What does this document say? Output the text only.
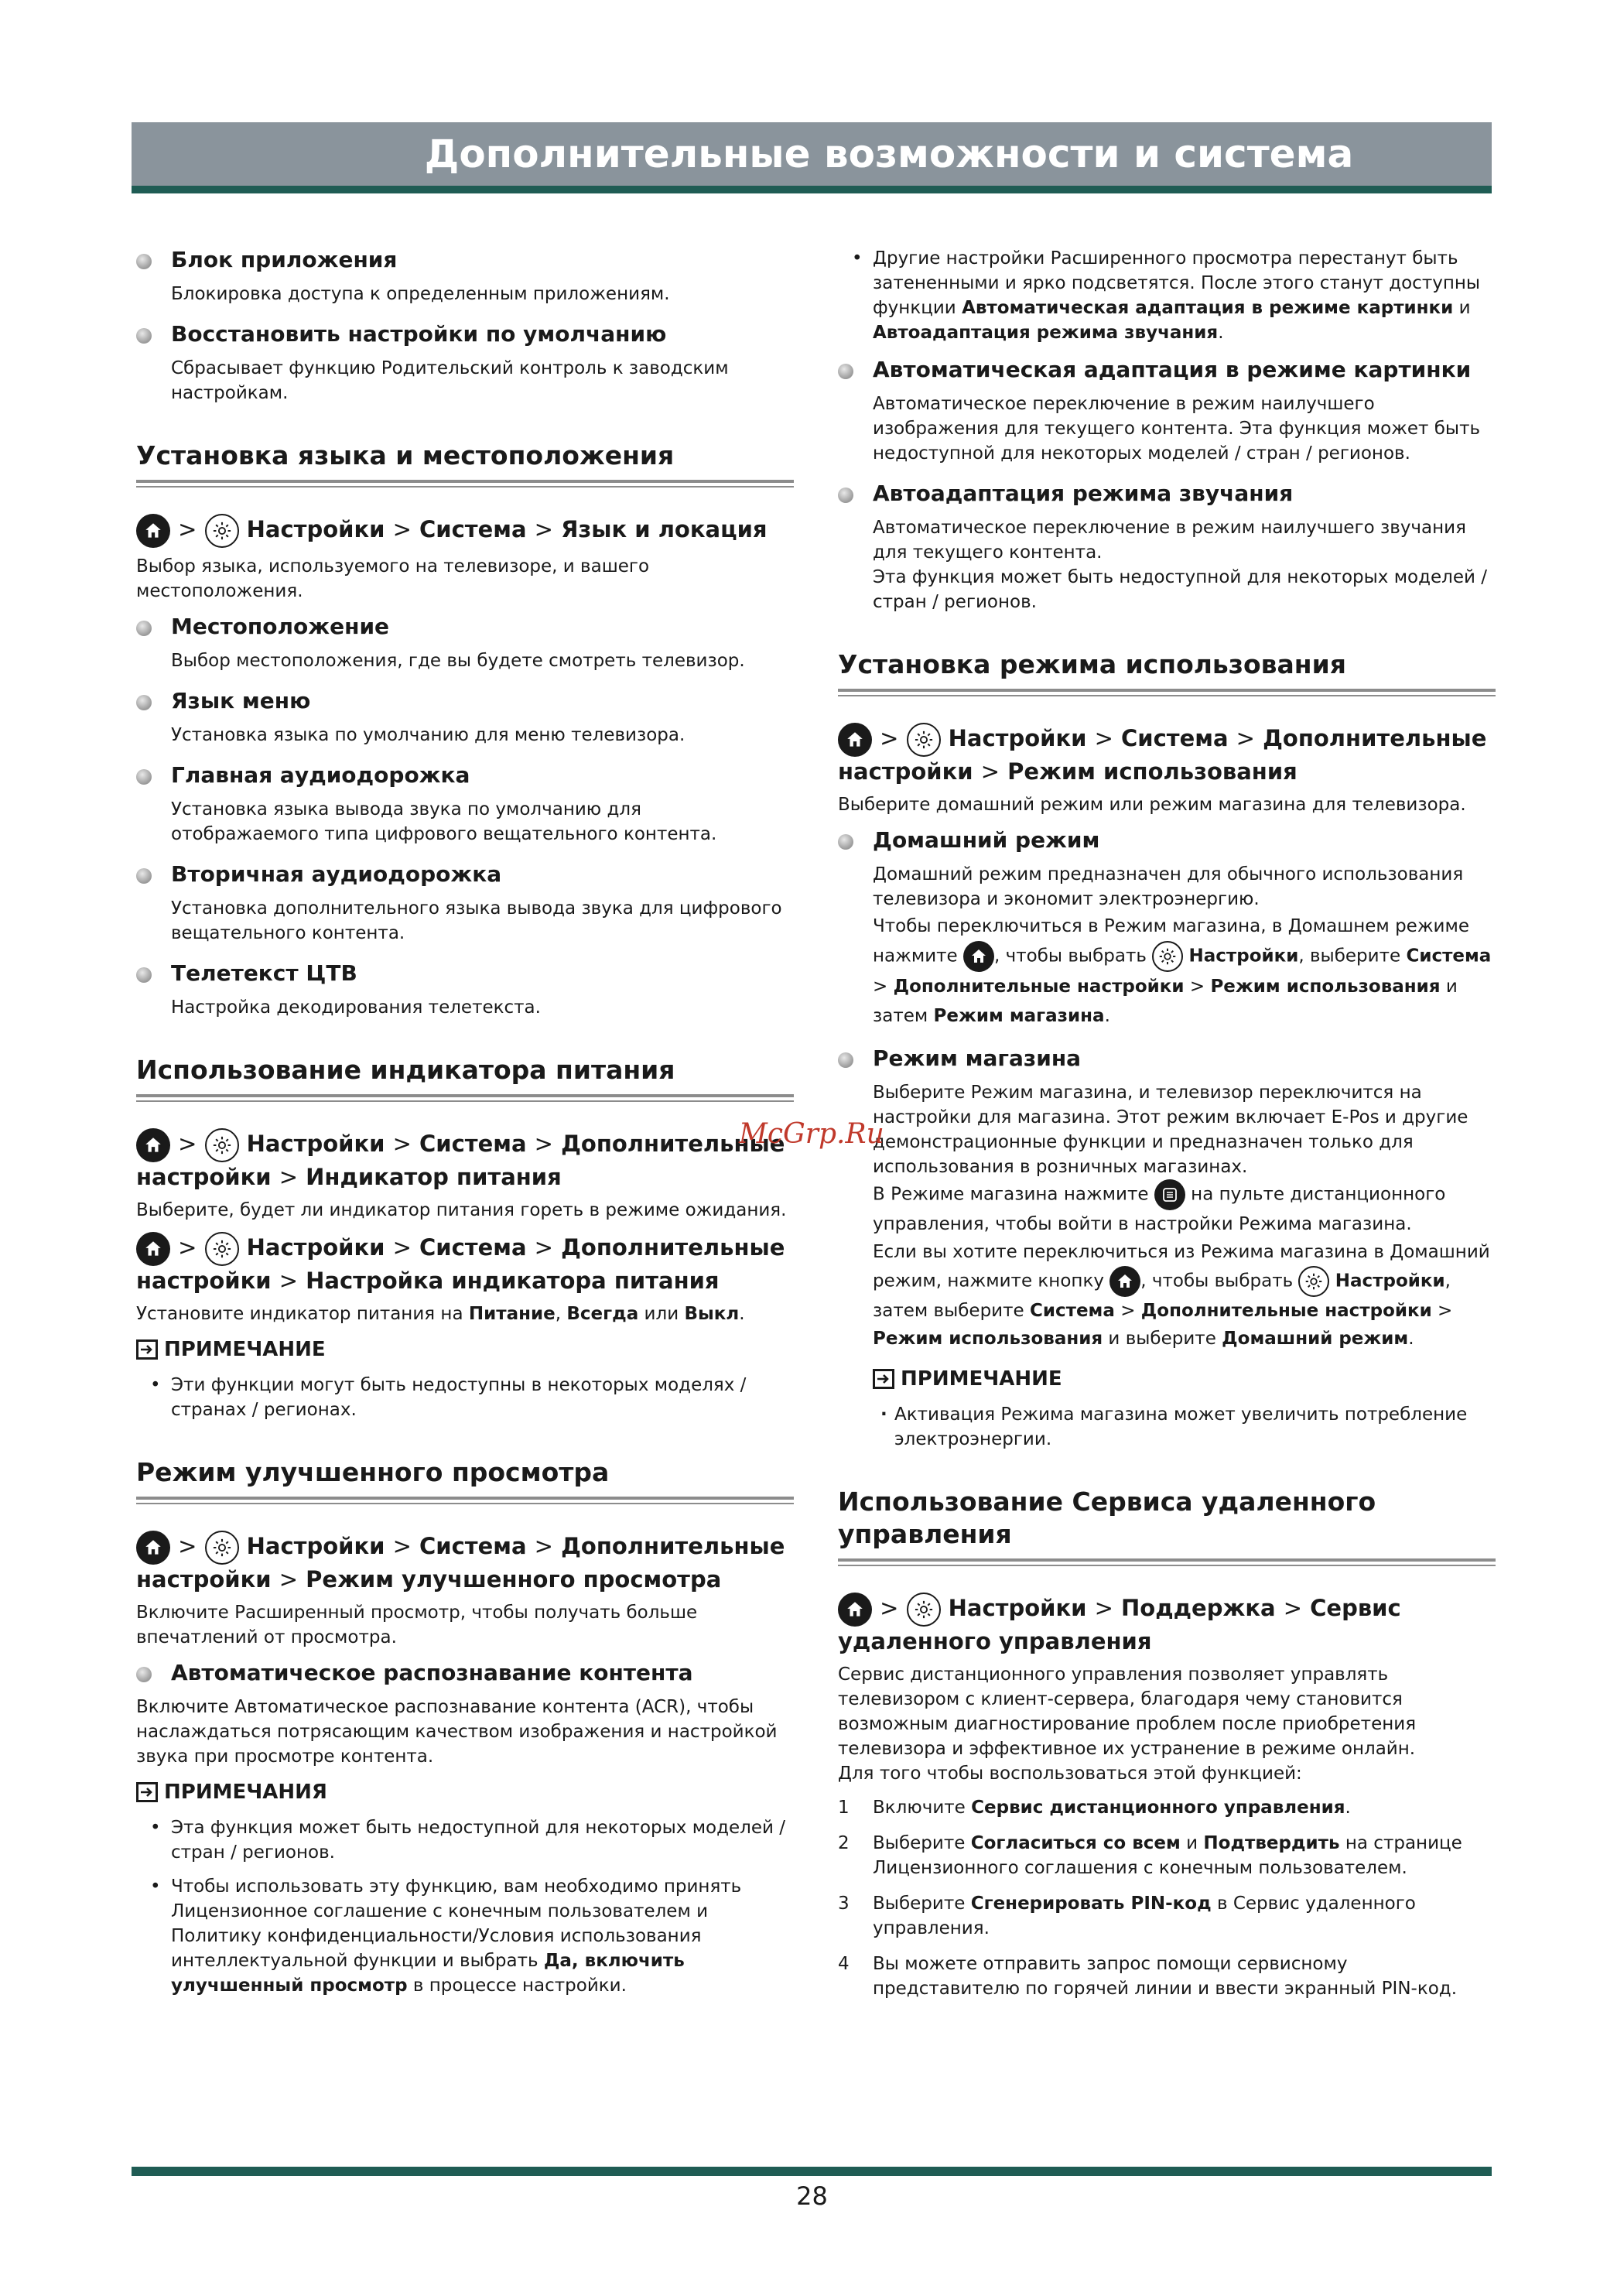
Дополнительные возможности и система
Блок приложения
Блокировка доступа к определенным приложениям.
Восстановить настройки по умолчанию
Сбрасывает функцию Родительский контроль к заводским настройкам.
Установка языка и местоположения
> Настройки > Система > Язык и локация

Выбор языка, используемого на телевизоре, и вашего местоположения.

Местоположение
Выбор местоположения, где вы будете смотреть телевизор.
Язык меню
Установка языка по умолчанию для меню телевизора.
Главная аудиодорожка
Установка языка вывода звука по умолчанию для отображаемого типа цифрового вещательного контента.
Вторичная аудиодорожка
Установка дополнительного языка вывода звука для цифрового вещательного контента.
Телетекст ЦТВ
Настройка декодирования телетекста.
Использование индикатора питания
> Настройки > Система > Дополнительные настройки > Индикатор питания

Выберите, будет ли индикатор питания гореть в режиме ожидания.

> Настройки > Система > Дополнительные настройки > Настройка индикатора питания

Установите индикатор питания на Питание, Всегда или Выкл.

ПРИМЕЧАНИЕ
• Эти функции могут быть недоступны в некоторых моделях / странах / регионах.
Режим улучшенного просмотра
> Настройки > Система > Дополнительные настройки > Режим улучшенного просмотра

Включите Расширенный просмотр, чтобы получать больше впечатлений от просмотра.

Автоматическое распознавание контента

Включите Автоматическое распознавание контента (ACR), чтобы наслаждаться потрясающим качеством изображения и настройкой звука при просмотре контента.

ПРИМЕЧАНИЯ
• Эта функция может быть недоступной для некоторых моделей / стран / регионов.
• Чтобы использовать эту функцию, вам необходимо принять Лицензионное соглашение с конечным пользователем и Политику конфиденциальности/Условия использования интеллектуальной функции и выбрать Да, включить улучшенный просмотр в процессе настройки.
• Другие настройки Расширенного просмотра перестанут быть затененными и ярко подсветятся. После этого станут доступны функции Автоматическая адаптация в режиме картинки и Автоадаптация режима звучания.
Автоматическая адаптация в режиме картинки
Автоматическое переключение в режим наилучшего изображения для текущего контента. Эта функция может быть недоступной для некоторых моделей / стран / регионов.
Автоадаптация режима звучания
Автоматическое переключение в режим наилучшего звучания для текущего контента.
Эта функция может быть недоступной для некоторых моделей / стран / регионов.
Установка режима использования
> Настройки > Система > Дополнительные настройки > Режим использования

Выберите домашний режим или режим магазина для телевизора.

Домашний режим
Домашний режим предназначен для обычного использования телевизора и экономит электроэнергию.
Чтобы переключиться в Режим магазина, в Домашнем режиме нажмите
, чтобы выбрать
Настройки, выберите Система > Дополнительные настройки > Режим использования и затем Режим магазина.
Режим магазина
Выберите Режим магазина, и телевизор переключится на настройки для магазина. Этот режим включает E-Pos и другие демонстрационные функции и предназначен только для использования в розничных магазинах.
В Режиме магазина нажмите
на пульте дистанционного управления, чтобы войти в настройки Режима магазина.
Если вы хотите переключиться из Режима магазина в Домашний режим, нажмите кнопку
, чтобы выбрать
Настройки, затем выберите Система > Дополнительные настройки > Режим использования и выберите Домашний режим.
ПРИМЕЧАНИЕ
· Активация Режима магазина может увеличить потребление электроэнергии.
Использование Сервиса удаленного управления
> Настройки > Поддержка > Сервис удаленного управления

Сервис дистанционного управления позволяет управлять телевизором с клиент-сервера, благодаря чему становится возможным диагностирование проблем после приобретения телевизора и эффективное их устранение в режиме онлайн.

Для того чтобы воспользоваться этой функцией:

1 Включите Сервис дистанционного управления.
2 Выберите Согласиться со всем и Подтвердить на странице Лицензионного соглашения с конечным пользователем.
3 Выберите Сгенерировать PIN-код в Сервис удаленного управления.
4 Вы можете отправить запрос помощи сервисному представителю по горячей линии и ввести экранный PIN-код.
McGrp.Ru
28
